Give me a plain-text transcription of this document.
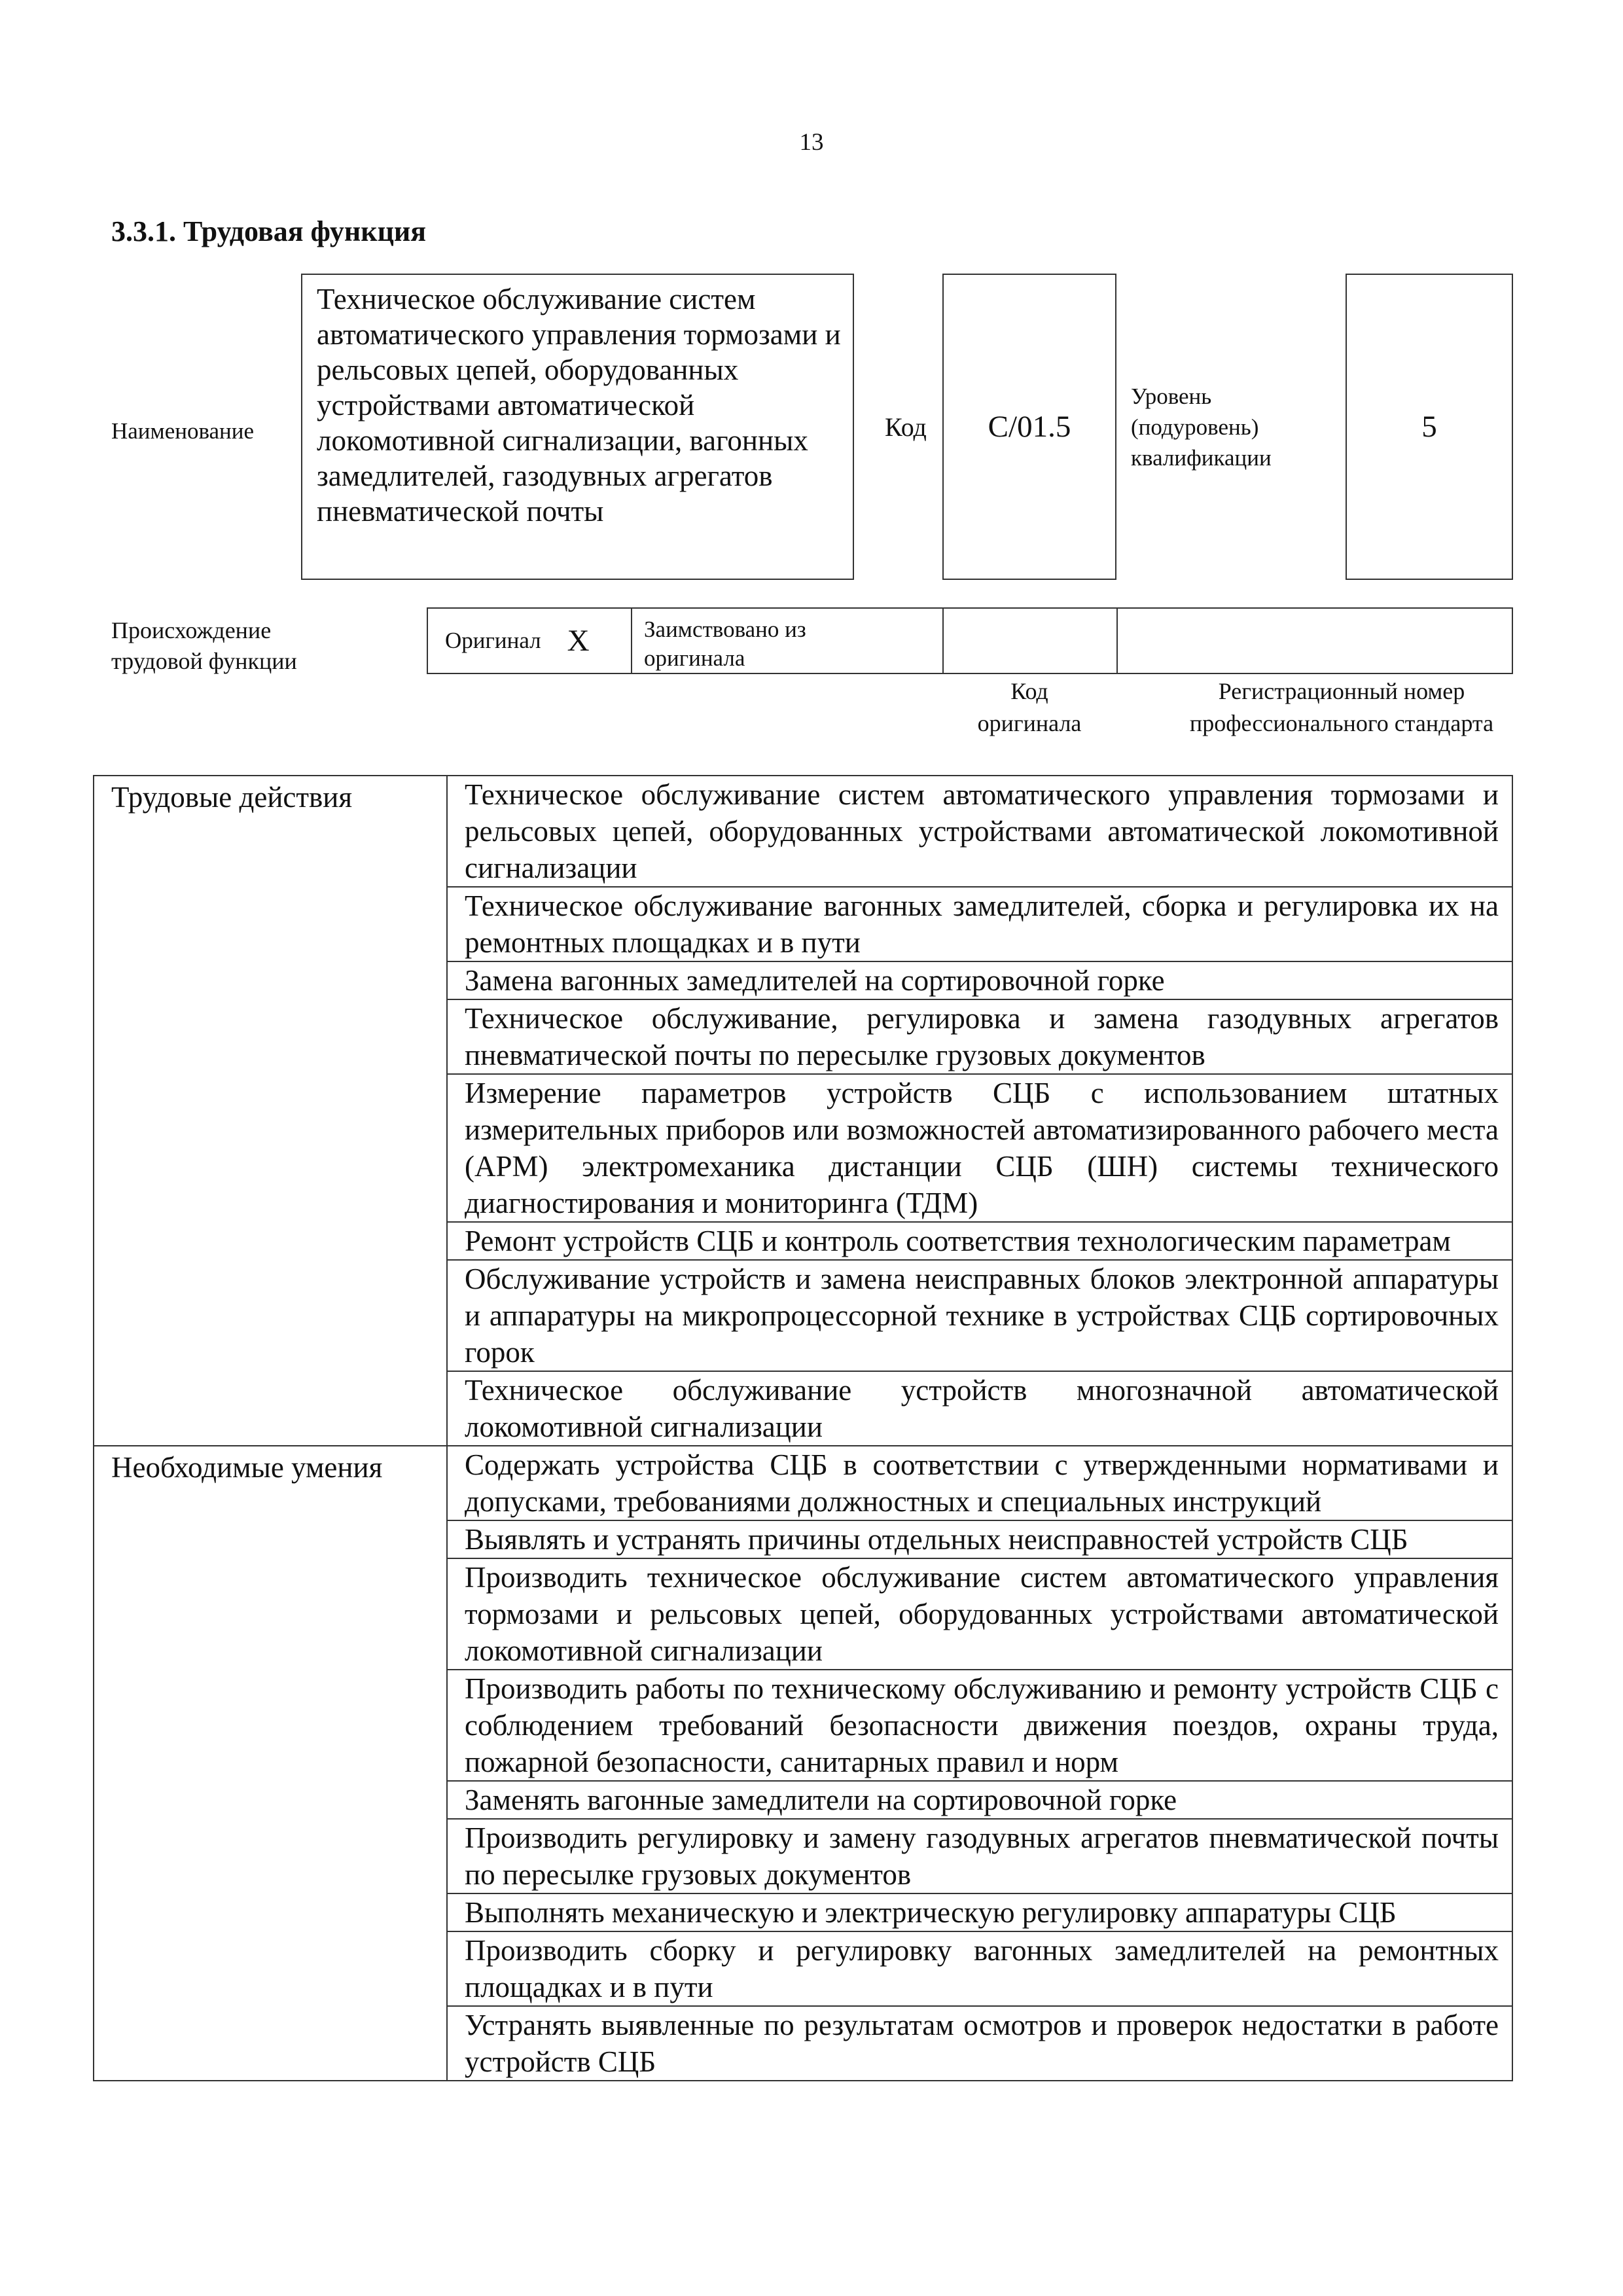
13
3.3.1. Трудовая функция
Наименование
Техническое обслуживание систем автоматического управления тормозами и рельсовых цепей, оборудованных устройствами автоматической локомотивной сигнализации, вагонных замедлителей, газодувных агрегатов пневматической почты
Код	С/01.5
Уровень
(подуровень)
квалификации
5
Происхождение
трудовой функции
Оригинал X	Заимствовано из
оригинала
Код
оригинала
Регистрационный номер
профессионального стандарта
Трудовые действия	Техническое обслуживание систем автоматического управления тормозами и рельсовых цепей, оборудованных устройствами автоматической локомотивной сигнализации
	Техническое обслуживание вагонных замедлителей, сборка и регулировка их на ремонтных площадках и в пути
	Замена вагонных замедлителей на сортировочной горке
	Техническое обслуживание, регулировка и замена газодувных агрегатов пневматической почты по пересылке грузовых документов
	Измерение параметров устройств СЦБ с использованием штатных измерительных приборов или возможностей автоматизированного рабочего места (АРМ) электромеханика дистанции СЦБ (ШН) системы технического диагностирования и мониторинга (ТДМ)
	Ремонт устройств СЦБ и контроль соответствия технологическим параметрам
	Обслуживание устройств и замена неисправных блоков электронной аппаратуры и аппаратуры на микропроцессорной технике в устройствах СЦБ сортировочных горок
	Техническое обслуживание устройств многозначной автоматической локомотивной сигнализации
Необходимые умения	Содержать устройства СЦБ в соответствии с утвержденными нормативами и допусками, требованиями должностных и специальных инструкций
	Выявлять и устранять причины отдельных неисправностей устройств СЦБ
	Производить техническое обслуживание систем автоматического управления тормозами и рельсовых цепей, оборудованных устройствами автоматической локомотивной сигнализации
	Производить работы по техническому обслуживанию и ремонту устройств СЦБ с соблюдением требований безопасности движения поездов, охраны труда, пожарной безопасности, санитарных правил и норм
	Заменять вагонные замедлители на сортировочной горке
	Производить регулировку и замену газодувных агрегатов пневматической почты по пересылке грузовых документов
	Выполнять механическую и электрическую регулировку аппаратуры СЦБ
	Производить сборку и регулировку вагонных замедлителей на ремонтных площадках и в пути
	Устранять выявленные по результатам осмотров и проверок недостатки в работе устройств СЦБ
